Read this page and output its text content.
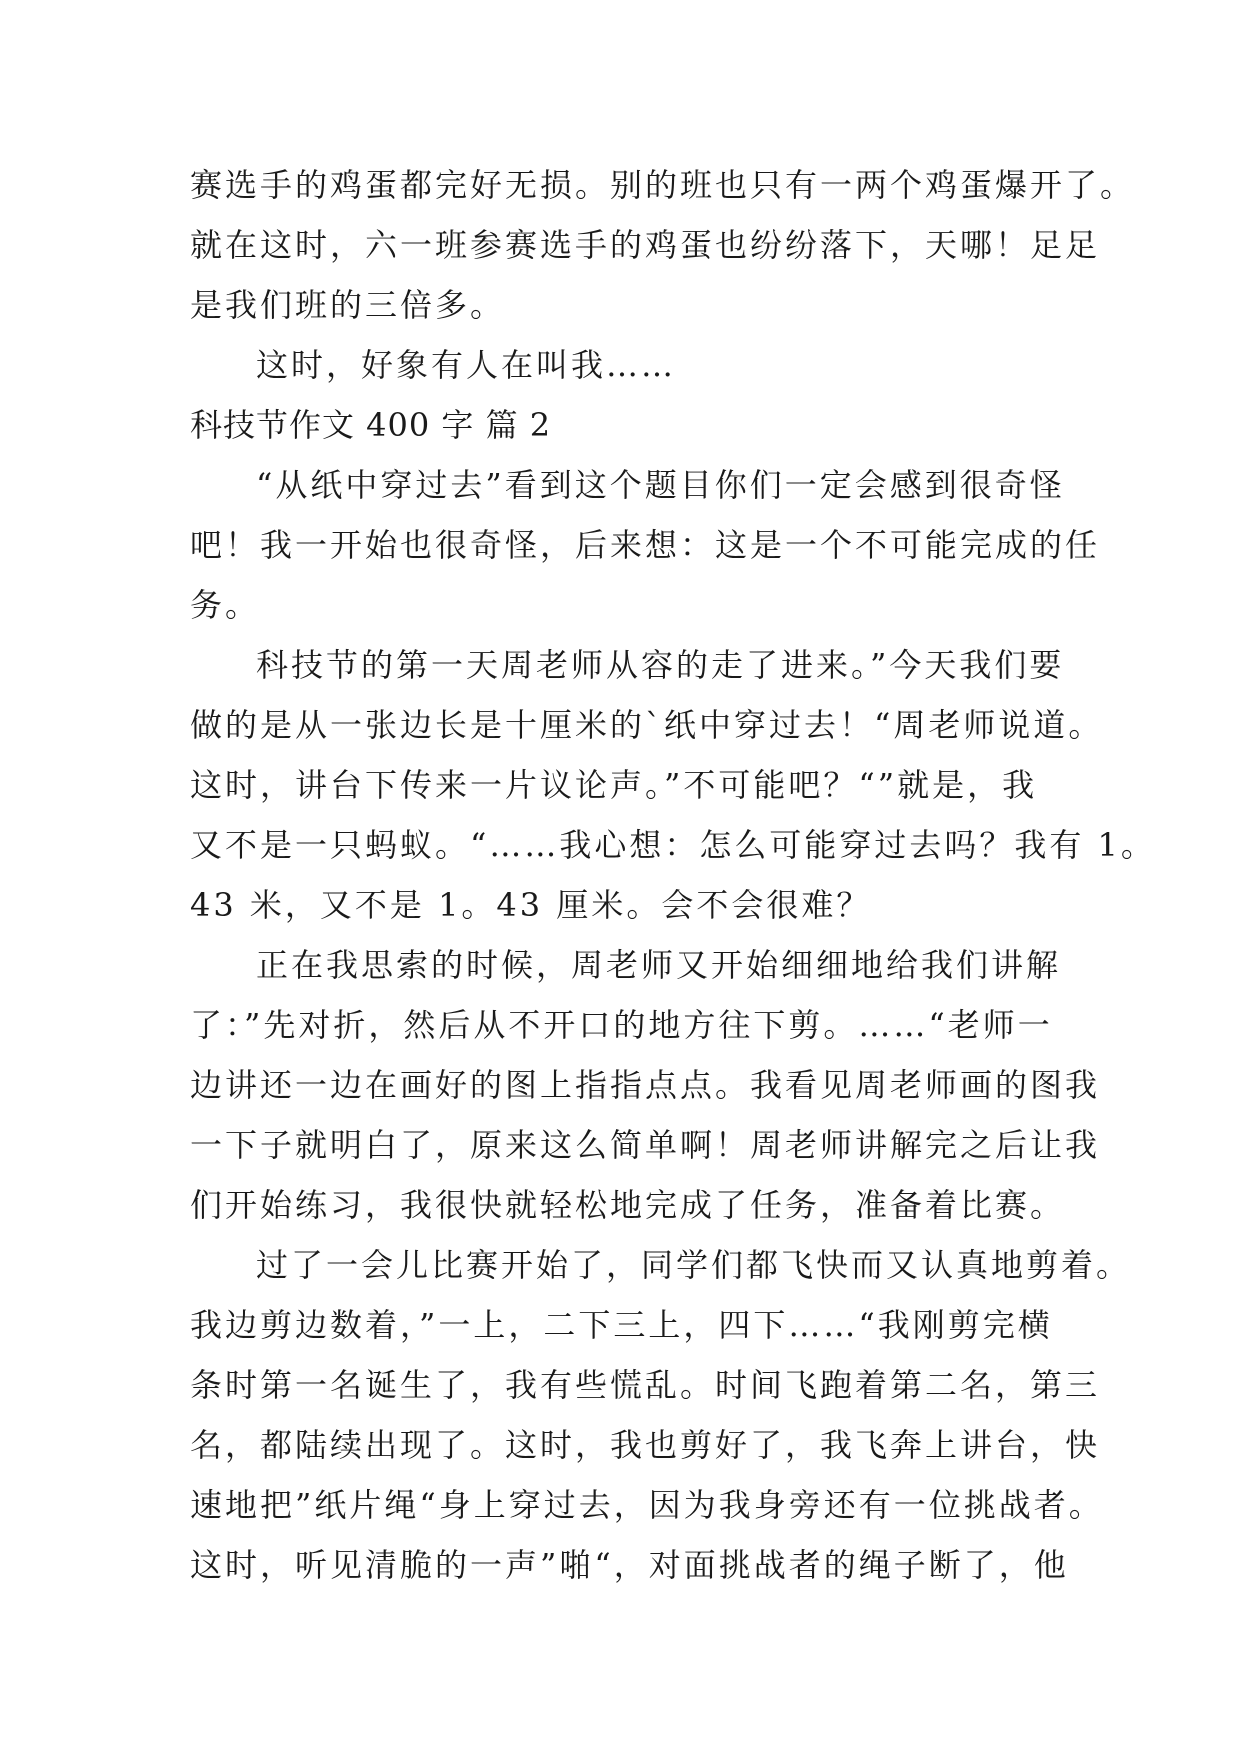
赛选手的鸡蛋都完好无损。别的班也只有一两个鸡蛋爆开了。
就在这时，六一班参赛选手的鸡蛋也纷纷落下，天哪！足足
是我们班的三倍多。
这时，好象有人在叫我……
科技节作文 400 字 篇 2
“从纸中穿过去”看到这个题目你们一定会感到很奇怪
吧！我一开始也很奇怪，后来想：这是一个不可能完成的任
务。
科技节的第一天周老师从容的走了进来。”今天我们要
做的是从一张边长是十厘米的`纸中穿过去！“周老师说道。
这时，讲台下传来一片议论声。”不可能吧？“”就是，我
又不是一只蚂蚁。“……我心想：怎么可能穿过去吗？我有 1。
43 米，又不是 1。43 厘米。会不会很难？
正在我思索的时候，周老师又开始细细地给我们讲解
了：”先对折，然后从不开口的地方往下剪。……“老师一
边讲还一边在画好的图上指指点点。我看见周老师画的图我
一下子就明白了，原来这么简单啊！周老师讲解完之后让我
们开始练习，我很快就轻松地完成了任务，准备着比赛。
过了一会儿比赛开始了，同学们都飞快而又认真地剪着。
我边剪边数着，”一上，二下三上，四下……“我刚剪完横
条时第一名诞生了，我有些慌乱。时间飞跑着第二名，第三
名，都陆续出现了。这时，我也剪好了，我飞奔上讲台，快
速地把”纸片绳“身上穿过去，因为我身旁还有一位挑战者。
这时，听见清脆的一声”啪“，对面挑战者的绳子断了，他
